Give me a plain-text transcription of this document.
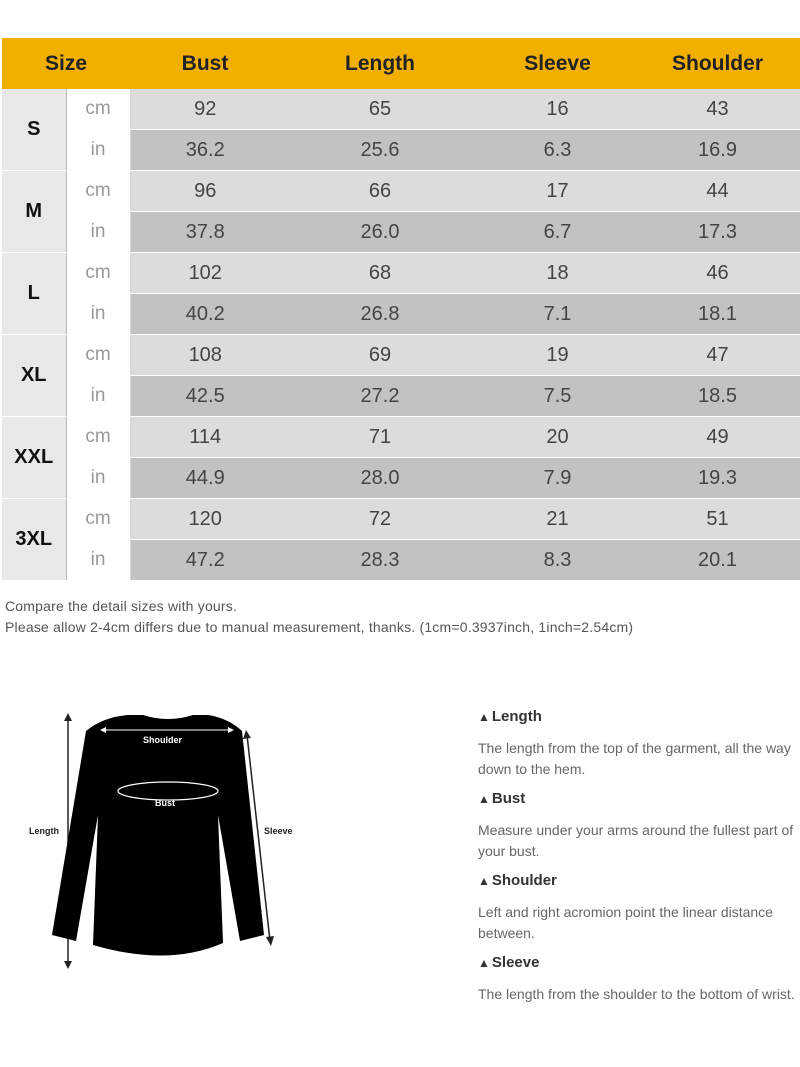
Size		Bust	Length	Sleeve	Shoulder
S	cm	92	65	16	43
	in	36.2	25.6	6.3	16.9
M	cm	96	66	17	44
	in	37.8	26.0	6.7	17.3
L	cm	102	68	18	46
	in	40.2	26.8	7.1	18.1
XL	cm	108	69	19	47
	in	42.5	27.2	7.5	18.5
XXL	cm	114	71	20	49
	in	44.9	28.0	7.9	19.3
3XL	cm	120	72	21	51
	in	47.2	28.3	8.3	20.1
Compare the detail sizes with yours.
Please allow 2-4cm differs due to manual measurement, thanks. (1cm=0.3937inch, 1inch=2.54cm)
Length	Sleeve
Shoulder
Bust
▲ Length
The length from the top of the garment, all the way down to the hem.
▲ Bust
Measure under your arms around the fullest part of your bust.
▲ Shoulder
Left and right acromion point the linear distance between.
▲ Sleeve
The length from the shoulder to the bottom of wrist.
